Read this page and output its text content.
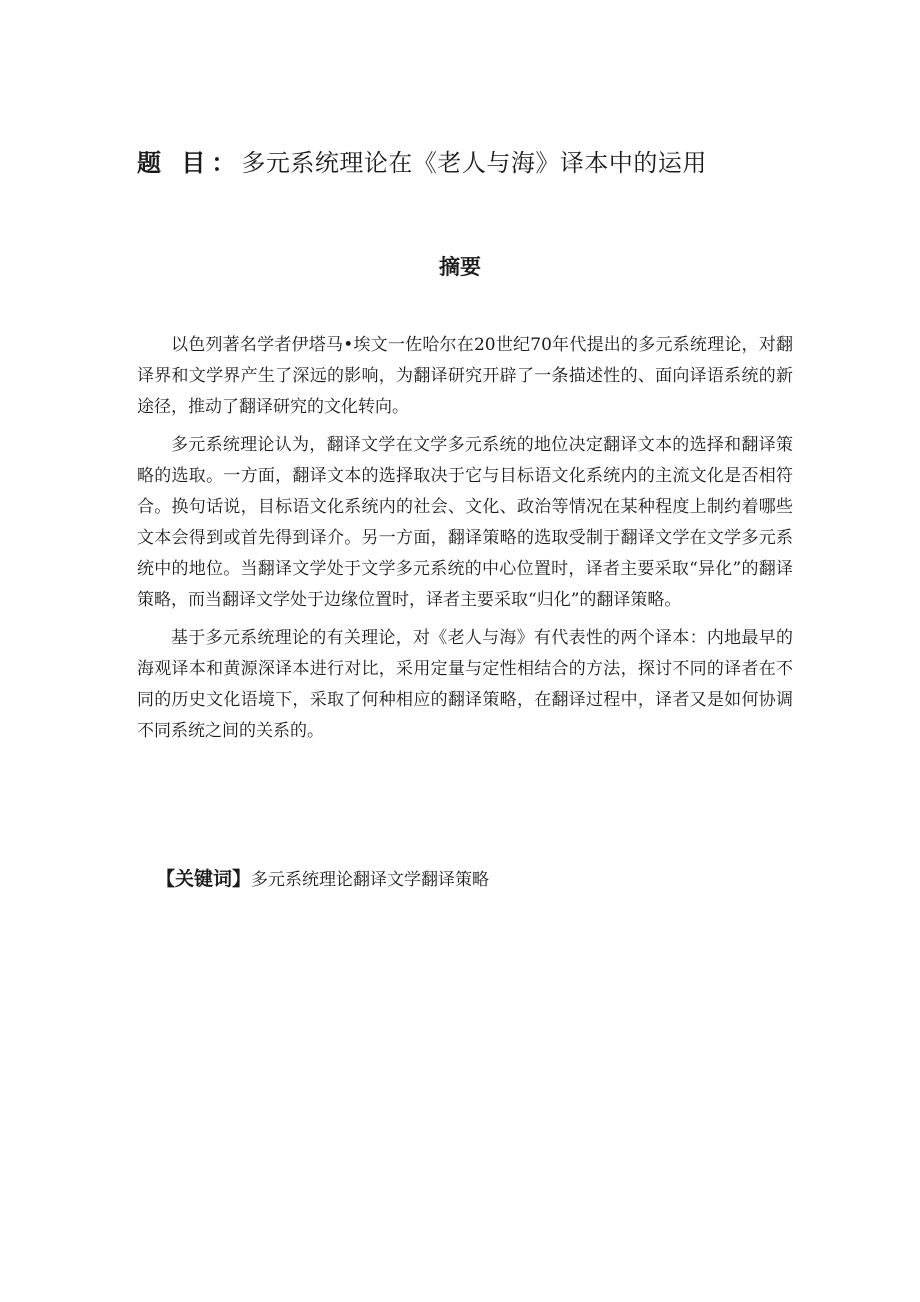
题 目：多元系统理论在《老人与海》译本中的运用
摘要

以色列著名学者伊塔马•埃文一佐哈尔在20世纪70年代提出的多元系统理论，对翻译界和文学界产生了深远的影响，为翻译研究开辟了一条描述性的、面向译语系统的新途径，推动了翻译研究的文化转向。

多元系统理论认为，翻译文学在文学多元系统的地位决定翻译文本的选择和翻译策略的选取。一方面，翻译文本的选择取决于它与目标语文化系统内的主流文化是否相符合。换句话说，目标语文化系统内的社会、文化、政治等情况在某种程度上制约着哪些文本会得到或首先得到译介。另一方面，翻译策略的选取受制于翻译文学在文学多元系统中的地位。当翻译文学处于文学多元系统的中心位置时，译者主要采取“异化”的翻译策略，而当翻译文学处于边缘位置时，译者主要采取“归化”的翻译策略。

基于多元系统理论的有关理论，对《老人与海》有代表性的两个译本：内地最早的海观译本和黄源深译本进行对比，采用定量与定性相结合的方法，探讨不同的译者在不同的历史文化语境下，采取了何种相应的翻译策略，在翻译过程中，译者又是如何协调不同系统之间的关系的。

【关键词】多元系统理论翻译文学翻译策略
